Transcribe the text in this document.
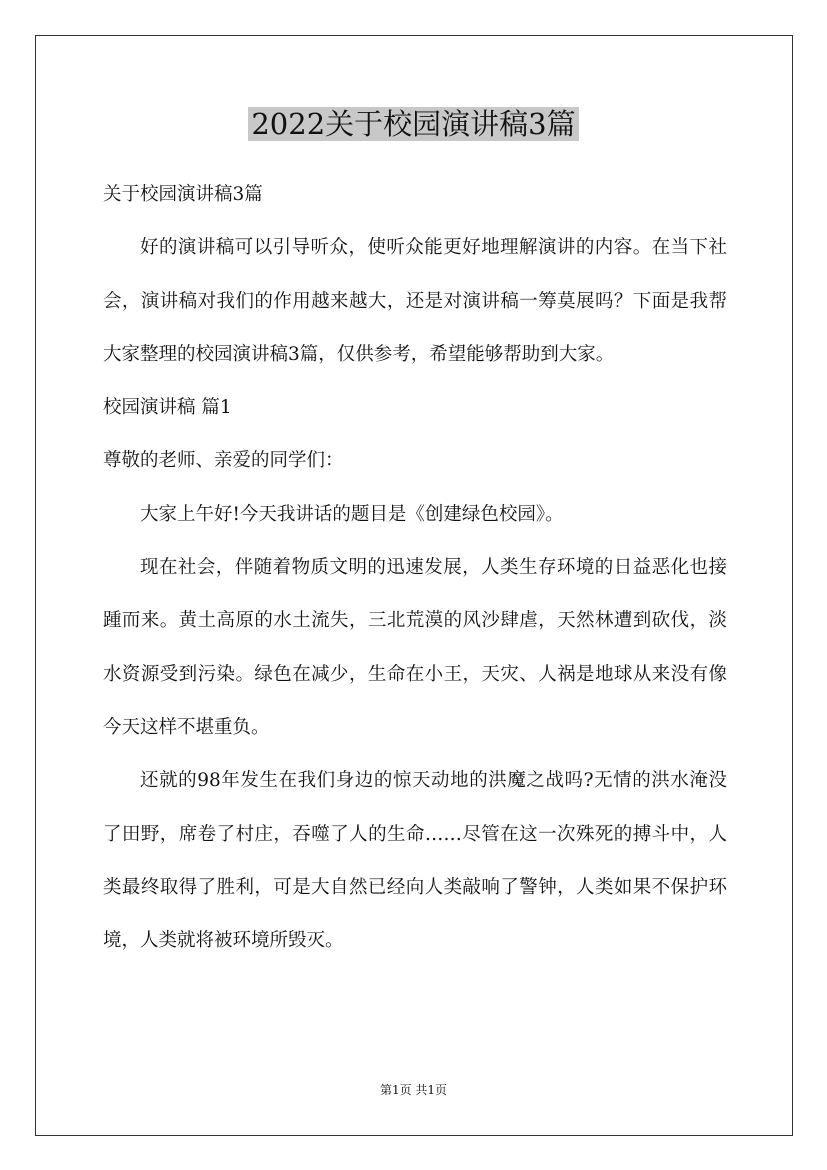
2022关于校园演讲稿3篇

关于校园演讲稿3篇

好的演讲稿可以引导听众，使听众能更好地理解演讲的内容。在当下社会，演讲稿对我们的作用越来越大，还是对演讲稿一筹莫展吗？下面是我帮大家整理的校园演讲稿3篇，仅供参考，希望能够帮助到大家。

校园演讲稿 篇1

尊敬的老师、亲爱的同学们：

大家上午好!今天我讲话的题目是《创建绿色校园》。

现在社会，伴随着物质文明的迅速发展，人类生存环境的日益恶化也接踵而来。黄土高原的水土流失，三北荒漠的风沙肆虐，天然林遭到砍伐，淡水资源受到污染。绿色在减少，生命在小王，天灾、人祸是地球从来没有像今天这样不堪重负。

还就的98年发生在我们身边的惊天动地的洪魔之战吗?无情的洪水淹没了田野，席卷了村庄，吞噬了人的生命……尽管在这一次殊死的搏斗中，人类最终取得了胜利，可是大自然已经向人类敲响了警钟，人类如果不保护环境，人类就将被环境所毁灭。

第1页 共1页
